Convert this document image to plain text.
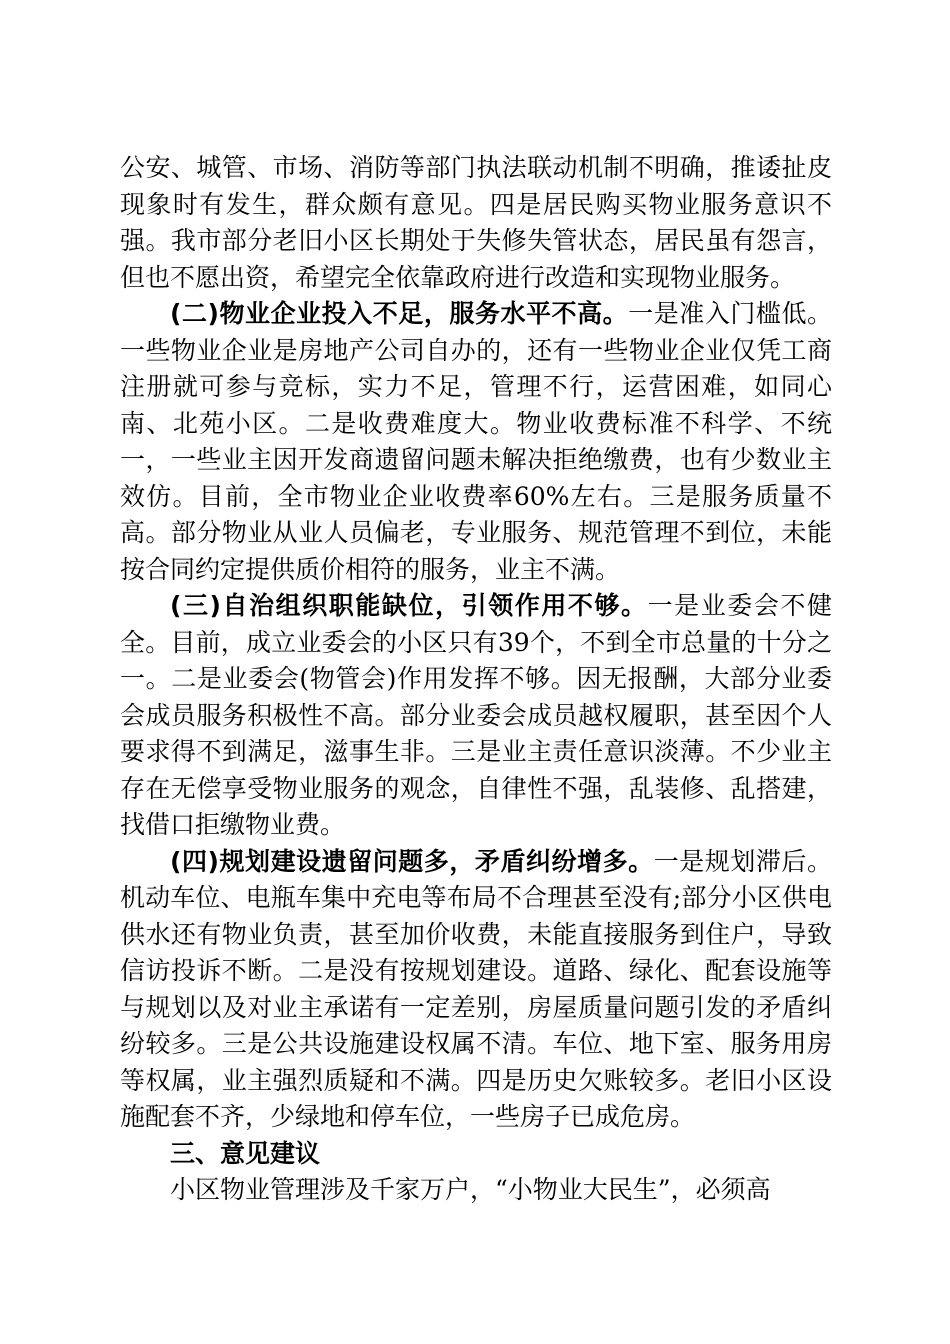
公安、城管、市场、消防等部门执法联动机制不明确，推诿扯皮现象时有发生，群众颇有意见。四是居民购买物业服务意识不强。我市部分老旧小区长期处于失修失管状态，居民虽有怨言，但也不愿出资，希望完全依靠政府进行改造和实现物业服务。

(二)物业企业投入不足，服务水平不高。一是准入门槛低。一些物业企业是房地产公司自办的，还有一些物业企业仅凭工商注册就可参与竞标，实力不足，管理不行，运营困难，如同心南、北苑小区。二是收费难度大。物业收费标准不科学、不统一，一些业主因开发商遗留问题未解决拒绝缴费，也有少数业主效仿。目前，全市物业企业收费率60%左右。三是服务质量不高。部分物业从业人员偏老，专业服务、规范管理不到位，未能按合同约定提供质价相符的服务，业主不满。

(三)自治组织职能缺位，引领作用不够。一是业委会不健全。目前，成立业委会的小区只有39个，不到全市总量的十分之一。二是业委会(物管会)作用发挥不够。因无报酬，大部分业委会成员服务积极性不高。部分业委会成员越权履职，甚至因个人要求得不到满足，滋事生非。三是业主责任意识淡薄。不少业主存在无偿享受物业服务的观念，自律性不强，乱装修、乱搭建，找借口拒缴物业费。

(四)规划建设遗留问题多，矛盾纠纷增多。一是规划滞后。机动车位、电瓶车集中充电等布局不合理甚至没有;部分小区供电供水还有物业负责，甚至加价收费，未能直接服务到住户，导致信访投诉不断。二是没有按规划建设。道路、绿化、配套设施等与规划以及对业主承诺有一定差别，房屋质量问题引发的矛盾纠纷较多。三是公共设施建设权属不清。车位、地下室、服务用房等权属，业主强烈质疑和不满。四是历史欠账较多。老旧小区设施配套不齐，少绿地和停车位，一些房子已成危房。

三、意见建议

小区物业管理涉及千家万户，“小物业大民生”，必须高
